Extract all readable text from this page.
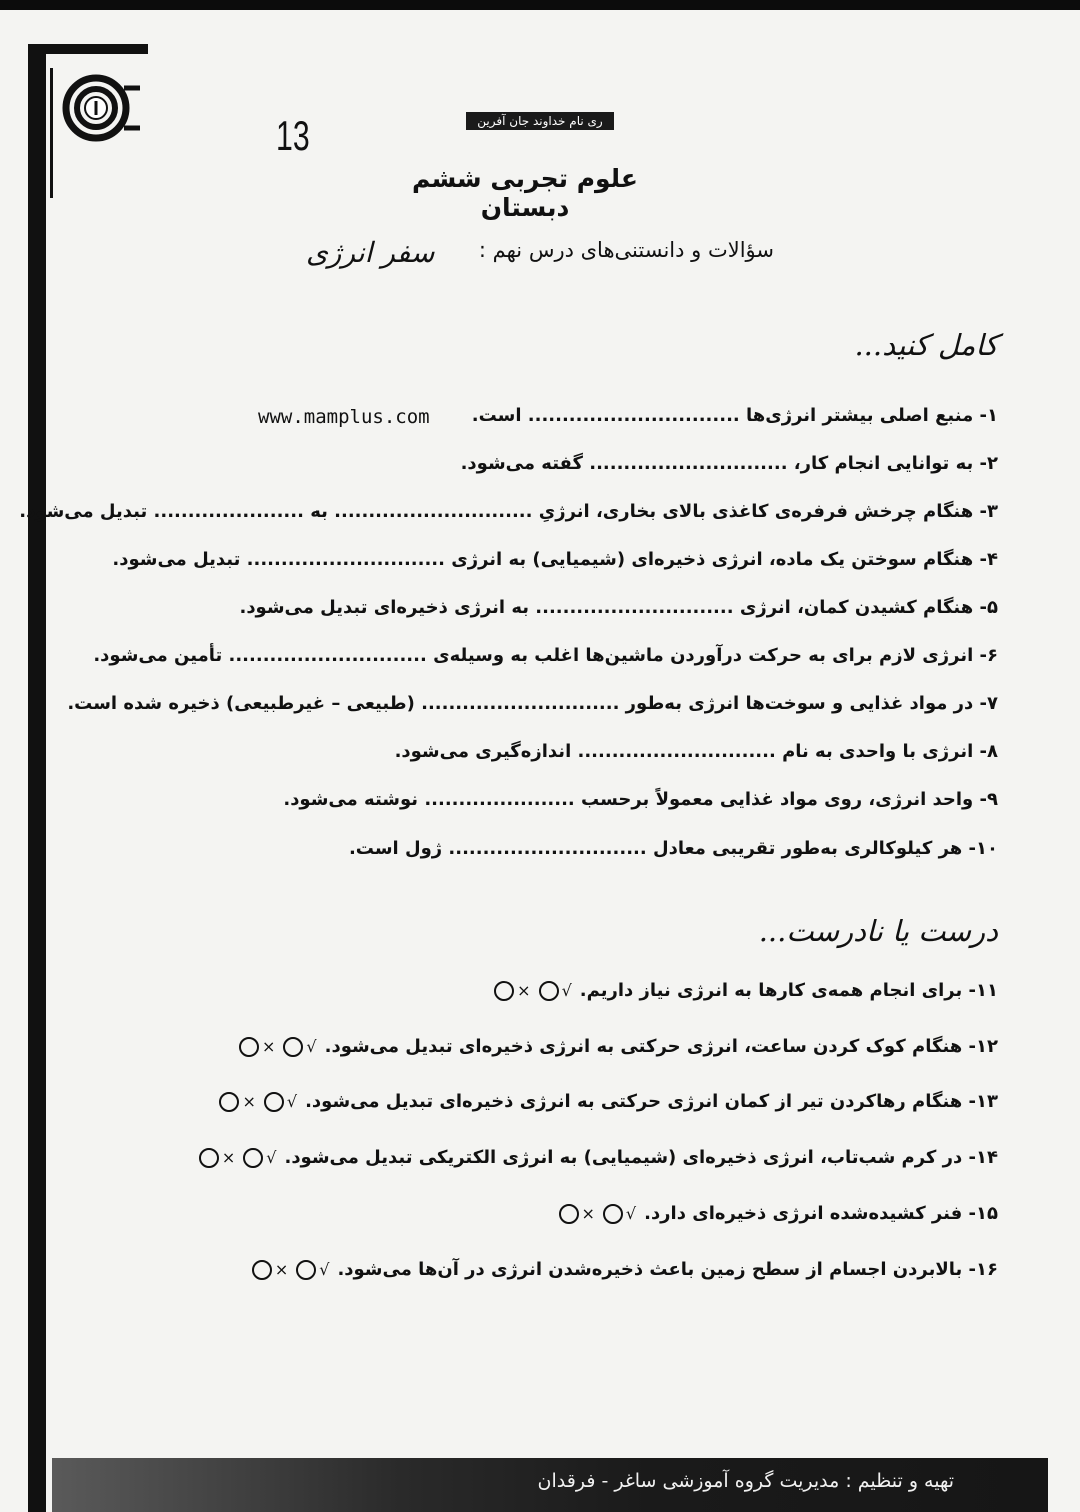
13	ری نام خداوند جان آفرین
علوم تجربی ششم دبستان
سؤالات و دانستنی‌های درس نهم :
سفر انرژی
کامل کنید...
www.mamplus.com ۱- منبع اصلی بیشتر انرژی‌ها ............................... است.
۲- به توانایی انجام کار، ............................. گفته می‌شود.
۳- هنگام چرخش فرفره‌ی کاغذی بالای بخاری، انرژیِ ............................. به ...................... تبدیل می‌شود.
۴- هنگام سوختن یک ماده، انرژی ذخیره‌ای (شیمیایی) به انرژی ............................. تبدیل می‌شود.
۵- هنگام کشیدن کمان، انرژی ............................. به انرژی ذخیره‌ای تبدیل می‌شود.
۶- انرژی لازم برای به حرکت درآوردن ماشین‌ها اغلب به وسیله‌ی ............................. تأمین می‌شود.
۷- در مواد غذایی و سوخت‌ها انرژی به‌طور ............................. (طبیعی – غیرطبیعی) ذخیره شده است.
۸- انرژی با واحدی به نام ............................. اندازه‌گیری می‌شود.
۹- واحد انرژی، روی مواد غذایی معمولاً برحسب ...................... نوشته می‌شود.
۱۰- هر کیلوکالری به‌طور تقریبی معادل ............................. ژول است.
درست یا نادرست...
۱۱- برای انجام همه‌ی کارها به انرژی نیاز داریم.
√
×
۱۲- هنگام کوک کردن ساعت، انرژی حرکتی به انرژی ذخیره‌ای تبدیل می‌شود.
√
×
۱۳- هنگام رهاکردن تیر از کمان انرژی حرکتی به انرژی ذخیره‌ای تبدیل می‌شود.
√
×
۱۴- در کرم شب‌تاب، انرژی ذخیره‌ای (شیمیایی) به انرژی الکتریکی تبدیل می‌شود.
√
×
۱۵- فنر کشیده‌شده انرژی ذخیره‌ای دارد.
√
×
۱۶- بالابردن اجسام از سطح زمین باعث ذخیره‌شدن انرژی در آن‌ها می‌شود.
√
×
تهیه و تنظیم : مدیریت گروه آموزشی ساغر - فرقدان
